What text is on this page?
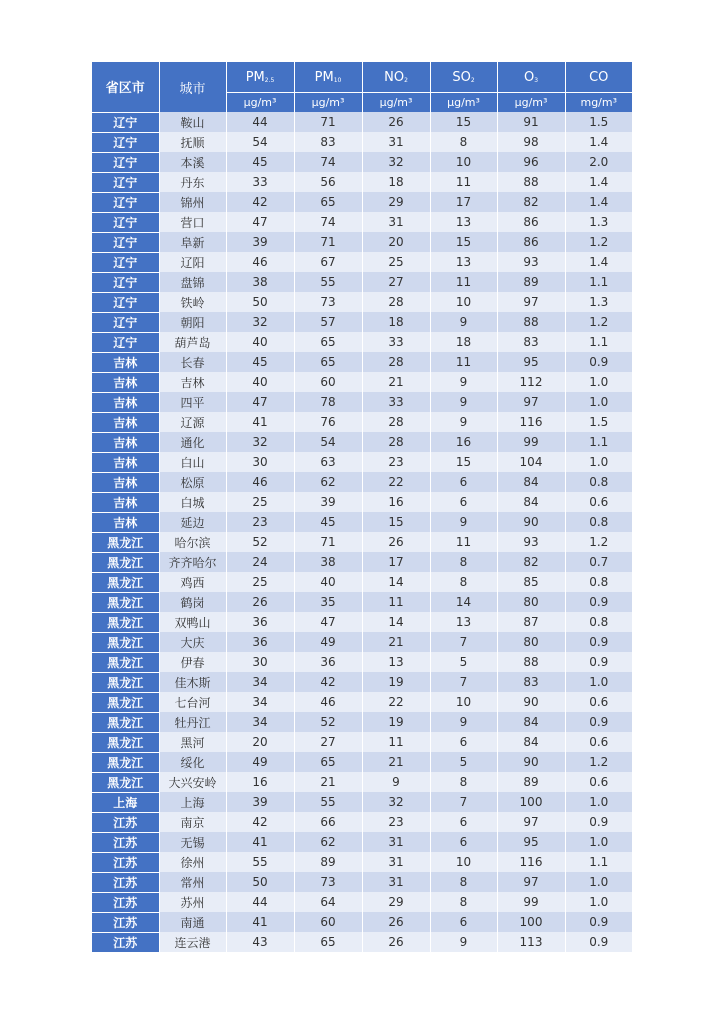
省区市	城市	$PM_{2.5}$	$PM_{10}$	$NO_2$	$SO_2$	$O_3$	CO
		μg/m³	μg/m³	μg/m³	μg/m³	μg/m³	mg/m³
辽宁	鞍山	44	71	26	15	91	1.5
辽宁	抚顺	54	83	31	8	98	1.4
辽宁	本溪	45	74	32	10	96	2.0
辽宁	丹东	33	56	18	11	88	1.4
辽宁	锦州	42	65	29	17	82	1.4
辽宁	营口	47	74	31	13	86	1.3
辽宁	阜新	39	71	20	15	86	1.2
辽宁	辽阳	46	67	25	13	93	1.4
辽宁	盘锦	38	55	27	11	89	1.1
辽宁	铁岭	50	73	28	10	97	1.3
辽宁	朝阳	32	57	18	9	88	1.2
辽宁	葫芦岛	40	65	33	18	83	1.1
吉林	长春	45	65	28	11	95	0.9
吉林	吉林	40	60	21	9	112	1.0
吉林	四平	47	78	33	9	97	1.0
吉林	辽源	41	76	28	9	116	1.5
吉林	通化	32	54	28	16	99	1.1
吉林	白山	30	63	23	15	104	1.0
吉林	松原	46	62	22	6	84	0.8
吉林	白城	25	39	16	6	84	0.6
吉林	延边	23	45	15	9	90	0.8
黑龙江	哈尔滨	52	71	26	11	93	1.2
黑龙江	齐齐哈尔	24	38	17	8	82	0.7
黑龙江	鸡西	25	40	14	8	85	0.8
黑龙江	鹤岗	26	35	11	14	80	0.9
黑龙江	双鸭山	36	47	14	13	87	0.8
黑龙江	大庆	36	49	21	7	80	0.9
黑龙江	伊春	30	36	13	5	88	0.9
黑龙江	佳木斯	34	42	19	7	83	1.0
黑龙江	七台河	34	46	22	10	90	0.6
黑龙江	牡丹江	34	52	19	9	84	0.9
黑龙江	黑河	20	27	11	6	84	0.6
黑龙江	绥化	49	65	21	5	90	1.2
黑龙江	大兴安岭	16	21	9	8	89	0.6
上海	上海	39	55	32	7	100	1.0
江苏	南京	42	66	23	6	97	0.9
江苏	无锡	41	62	31	6	95	1.0
江苏	徐州	55	89	31	10	116	1.1
江苏	常州	50	73	31	8	97	1.0
江苏	苏州	44	64	29	8	99	1.0
江苏	南通	41	60	26	6	100	0.9
江苏	连云港	43	65	26	9	113	0.9
